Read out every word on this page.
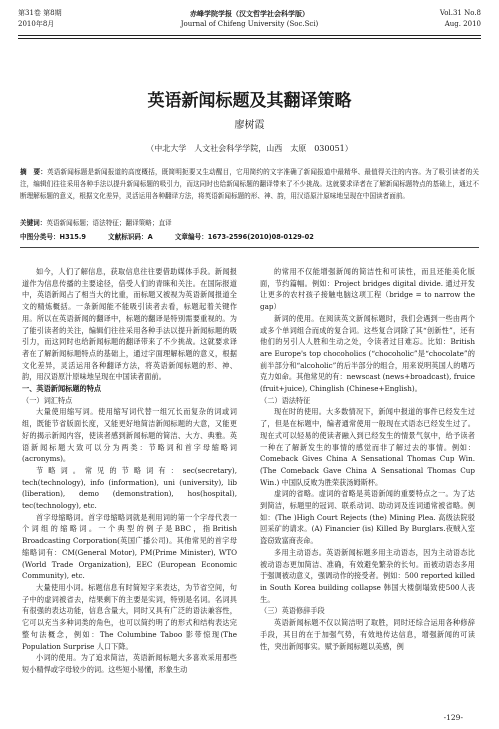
第31卷 第8期
2010年8月
赤峰学院学报（汉文哲学社会科学版）
Journal of Chifeng University (Soc.Sci)
Vol.31 No.8
Aug. 2010
英语新闻标题及其翻译策略
廖树霞
（中北大学　人文社会科学学院，山西　太原　030051）
摘　要：英语新闻标题是新闻报道的高度概括，既简明扼要又生动醒目，它用简约的文字准确了新闻报道中最精华、最值得关注的内容。为了吸引读者的关注，编辑们往往采用各种手法以提升新闻标题的吸引力，而这同时也给新闻标题的翻译带来了不少挑战。这就要求译者在了解新闻标题特点的基础上，通过不断理解标题的意义，根据文化差异，灵活运用各种翻译方法，将英语新闻标题的形、神、韵，用汉语原汁原味地呈现在中国读者面前。
关键词：英语新闻标题；语法特征；翻译策略；直译
中图分类号：H315.9	文献标识码：A	文章编号：1673-2596(2010)08-0129-02

如今，人们了解信息，获取信息往往要借助媒体手段。新闻报道作为信息传播的主要途径，倍受人们的青睐和关注。在国际报道中，英语新闻占了相当大的比重，而标题又被视为英语新闻报道全文的精炼概括。一条新闻能不能吸引读者去看，标题起着关键作用。所以在英语新闻的翻译中，标题的翻译是特别需要重视的。为了能引读者的关注，编辑们往往采用各种手法以提升新闻标题的吸引力，而这同时也给新闻标题的翻译带来了不少挑战。这就要求译者在了解新闻标题特点的基础上，通过字面理解标题的意义，根据文化差异，灵活运用各种翻译方法，将英语新闻标题的形、神、韵，用汉语原汁原味地呈现在中国读者面前。

一、英语新闻标题的特点

（一）词汇特点

大量使用缩写词。使用缩写词代替一组冗长而复杂的词或词组，既能节省版面长度，又能更好地简洁新闻标题的大意，又能更好的揭示新闻内容，使读者感到新闻标题的简洁、大方、典雅。英语新闻标题大致可以分为两类：节略词和首字母缩略词(acronyms)。

节略词。常见的节略词有：sec(secretary), tech(technology), info (information), uni (university), lib (liberation), demo (demonstration), hos(hospital), tec(technology), etc.

首字母缩略词。首字母缩略词就是利用词的第一个字母代表一个词组的缩略词。一个典型的例子是BBC，指British Broadcasting Corporation(英国广播公司)。其他常见的首字母缩略词有：CM(General Motor), PM(Prime Minister), WTO (World Trade Organization), EEC (European Economic Community), etc.

大量使用小词。标题信息有时简短字来表达，为节省空间，句子中的虚词被省去，结果剩下的主要是实词，特别是名词。名词具有很强的表达功能，信息含量大，同时又具有广泛的语法兼容性，它可以充当多种词类的角色，也可以简约明了的形式和结构表达完整句法概念，例如：The Columbine Taboo 影带惊现(The Population Surprise 人口下降。

小词的使用。为了追求简洁，英语新闻标题大多喜欢采用那些短小精悍或字母较少的词。这些短小易懂，形象生动

的常用不仅能增强新闻的简洁性和可读性，而且还能美化版面，节约篇幅。例如：Project bridges digital divide. 通过开发让更多的农村孩子接触电脑这项工程（bridge = to narrow the gap）

新词的使用。在阅读英文新闻标题时，我们会遇到一些由两个或多个单词组合而成的复合词。这些复合词除了其“创新性”，还有他们的另引人人胜和生动之处，令读者过目难忘。比如：British are Europe's top chocoholics (“chocoholic”是“chocolate”的前半部分和“alcoholic”的后半部分的组合，用来说明英国人的嗜巧克力如命。其他常见的有：newscast (news+broadcast), fruice (fruit+juice), Chinglish (Chinese+English)。

（二）语法特征

现在时的使用。大多数情况下，新闻中报道的事件已经发生过了，但是在标题中，编者通常使用一般现在式语态已经发生过了。现在式可以轻易的使读者融入到已经发生的情景气氛中，给予读者一种在了解新发生的事情的感觉而非了解过去的事情。例如：Comeback Gives China A Sensational Thomas Cup Win. (The Comeback Gave China A Sensational Thomas Cup Win.) 中国队反败为胜荣获汤姆斯杯。

虚词的省略。虚词的省略是英语新闻的重要特点之一。为了达到简洁，标题里的冠词、联系动词、助动词及连词通常被省略。例如：(The )High Court Rejects (the) Mining Plea. 高级法院驳回采矿的请求。(A) Financier (is) Killed By Burglars.夜贼入室盗窃致富商丧命。

多用主动语态。英语新闻标题多用主动语态，因为主动语态比被动语态更加简洁、准确，有效避免繁杂的长句。而被动语态多用于强调被动意义，强调动作的接受者。例如：500 reported killed in South Korea building collapse 韩国大楼倒塌致使500人丧生。

（三）英语修辞手段

英语新闻标题不仅以简洁明了取胜，同时还综合运用各种修辞手段，其目的在于加强气势，有效地传达信息，增强新闻的可读性，突出新闻事实。赋予新闻标题以美感，例

-129-
